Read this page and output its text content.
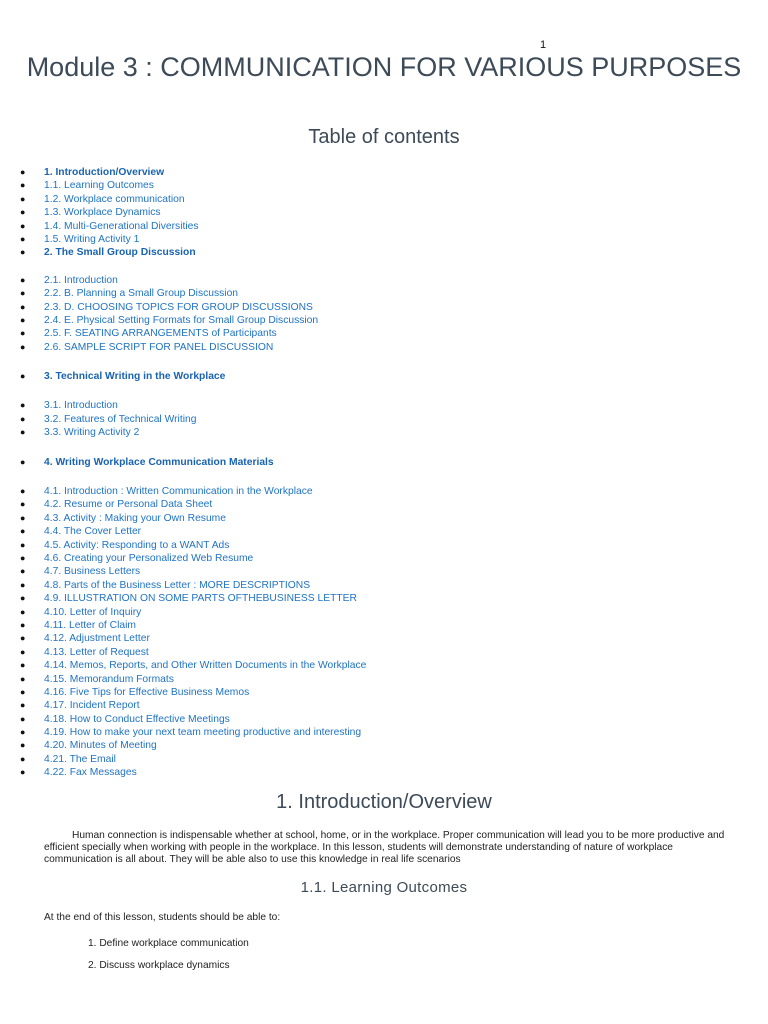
1
Module 3 : COMMUNICATION FOR VARIOUS PURPOSES
Table of contents
● 1. Introduction/Overview
● 1.1. Learning Outcomes
● 1.2. Workplace communication
● 1.3. Workplace Dynamics
● 1.4. Multi-Generational Diversities
● 1.5. Writing Activity 1
● 2. The Small Group Discussion
● 2.1. Introduction
● 2.2. B. Planning a Small Group Discussion
● 2.3. D. CHOOSING TOPICS FOR GROUP DISCUSSIONS
● 2.4. E. Physical Setting Formats for Small Group Discussion
● 2.5. F. SEATING ARRANGEMENTS of Participants
● 2.6. SAMPLE SCRIPT FOR PANEL DISCUSSION
● 3. Technical Writing in the Workplace
● 3.1. Introduction
● 3.2. Features of Technical Writing
● 3.3. Writing Activity 2
● 4. Writing Workplace Communication Materials
● 4.1. Introduction : Written Communication in the Workplace
● 4.2. Resume or Personal Data Sheet
● 4.3. Activity : Making your Own Resume
● 4.4. The Cover Letter
● 4.5. Activity: Responding to a WANT Ads
● 4.6. Creating your Personalized Web Resume
● 4.7. Business Letters
● 4.8. Parts of the Business Letter : MORE DESCRIPTIONS
● 4.9. ILLUSTRATION ON SOME PARTS OFTHEBUSINESS LETTER
● 4.10. Letter of Inquiry
● 4.11. Letter of Claim
● 4.12. Adjustment Letter
● 4.13. Letter of Request
● 4.14. Memos, Reports, and Other Written Documents in the Workplace
● 4.15. Memorandum Formats
● 4.16. Five Tips for Effective Business Memos
● 4.17. Incident Report
● 4.18. How to Conduct Effective Meetings
● 4.19. How to make your next team meeting productive and interesting
● 4.20. Minutes of Meeting
● 4.21. The Email
● 4.22. Fax Messages
1. Introduction/Overview

Human connection is indispensable whether at school, home, or in the workplace. Proper communication will lead you to be more productive and efficient specially when working with people in the workplace. In this lesson, students will demonstrate understanding of nature of workplace communication is all about. They will be able also to use this knowledge in real life scenarios

1.1. Learning Outcomes

At the end of this lesson, students should be able to:

1. Define workplace communication
2. Discuss workplace dynamics
